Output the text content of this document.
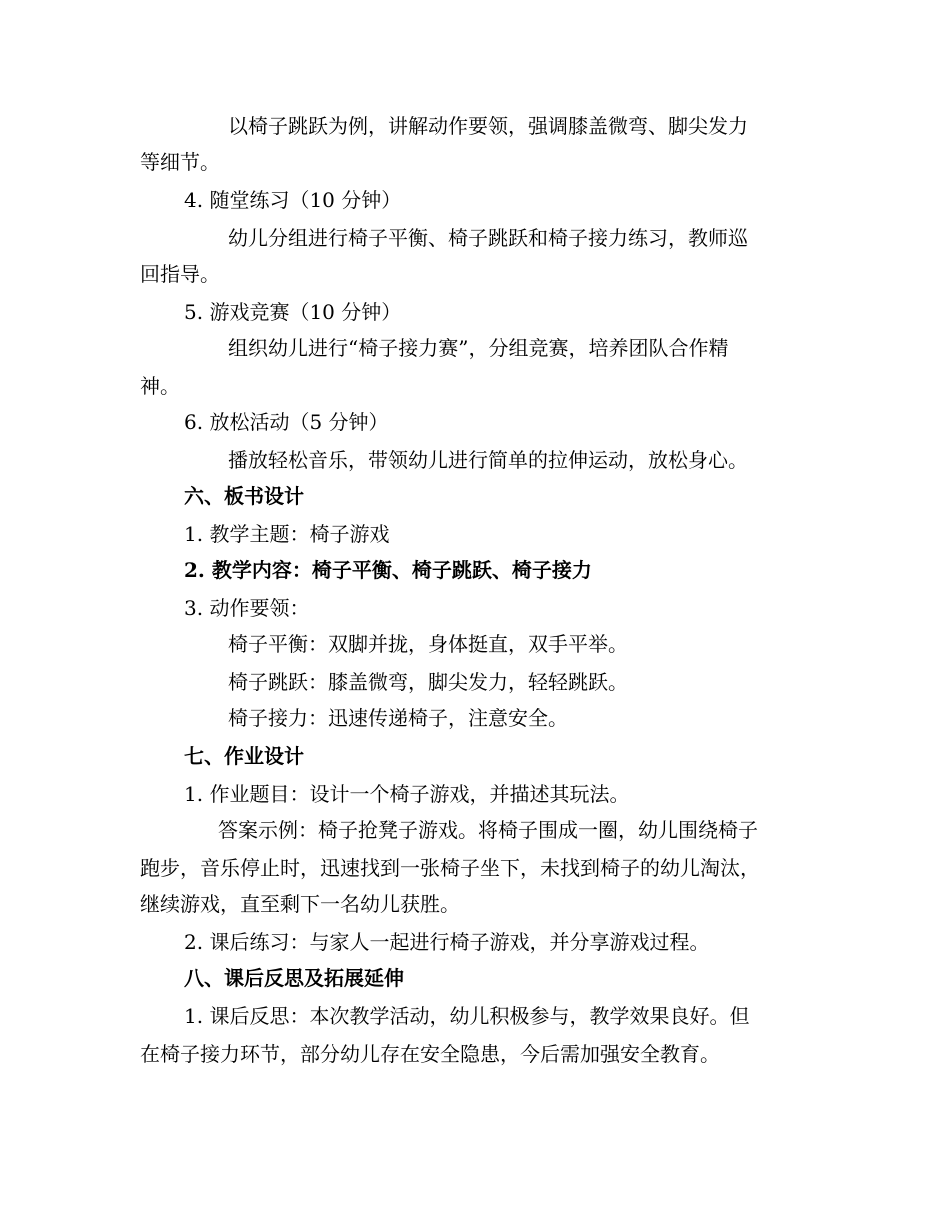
以椅子跳跃为例，讲解动作要领，强调膝盖微弯、脚尖发力
等细节。
4. 随堂练习（10 分钟）
幼儿分组进行椅子平衡、椅子跳跃和椅子接力练习，教师巡
回指导。
5. 游戏竞赛（10 分钟）
组织幼儿进行“椅子接力赛”，分组竞赛，培养团队合作精
神。
6. 放松活动（5 分钟）
播放轻松音乐，带领幼儿进行简单的拉伸运动，放松身心。
六、板书设计
1. 教学主题：椅子游戏
2. 教学内容：椅子平衡、椅子跳跃、椅子接力
3. 动作要领：
椅子平衡：双脚并拢，身体挺直，双手平举。
椅子跳跃：膝盖微弯，脚尖发力，轻轻跳跃。
椅子接力：迅速传递椅子，注意安全。
七、作业设计
1. 作业题目：设计一个椅子游戏，并描述其玩法。
答案示例：椅子抢凳子游戏。将椅子围成一圈，幼儿围绕椅子
跑步，音乐停止时，迅速找到一张椅子坐下，未找到椅子的幼儿淘汰，
继续游戏，直至剩下一名幼儿获胜。
2. 课后练习：与家人一起进行椅子游戏，并分享游戏过程。
八、课后反思及拓展延伸
1. 课后反思：本次教学活动，幼儿积极参与，教学效果良好。但
在椅子接力环节，部分幼儿存在安全隐患，今后需加强安全教育。
